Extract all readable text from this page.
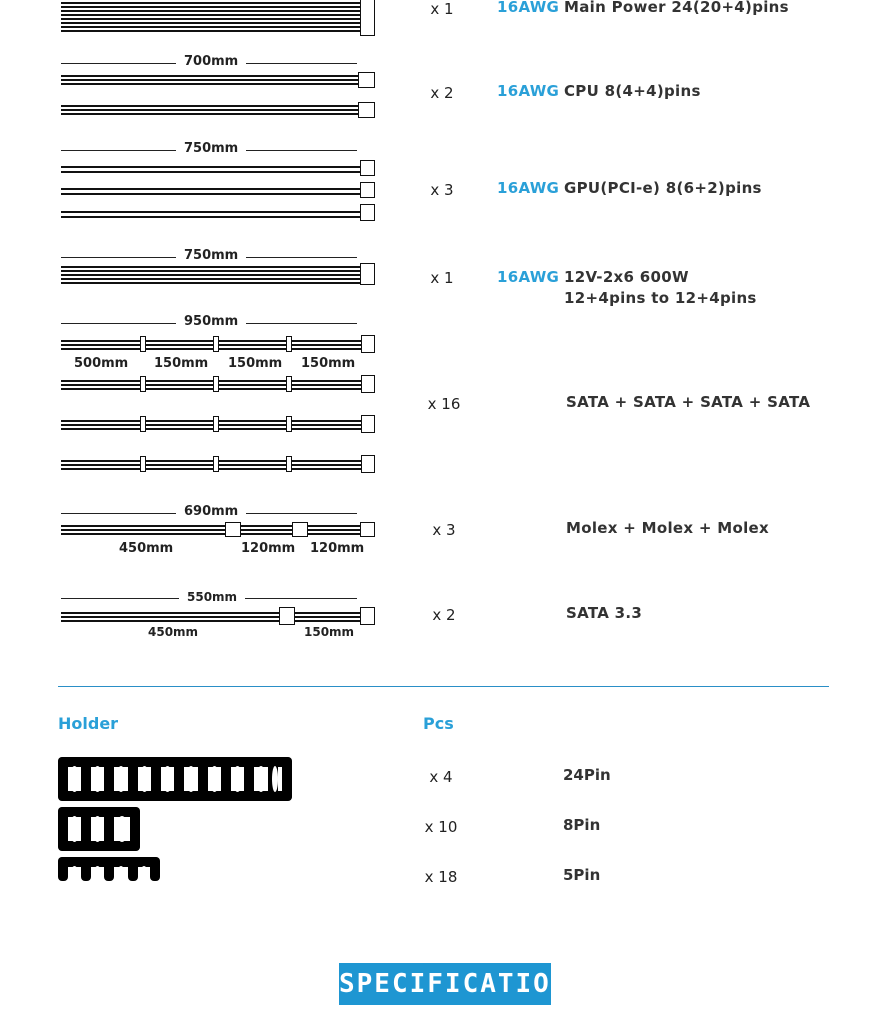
x 1	16AWG Main Power 24(20+4)pins
700mm
x 2	16AWG CPU 8(4+4)pins
750mm
x 3	16AWG GPU(PCI-e) 8(6+2)pins
750mm
x 1	16AWG 12V-2x6 600W
12+4pins to 12+4pins
950mm
500mm 150mm 150mm 150mm
x 16	SATA + SATA + SATA + SATA
690mm
450mm	120mm 120mm
x 3	Molex + Molex + Molex
550mm
450mm	150mm
x 2	SATA 3.3
Holder	Pcs
x 4	24Pin
x 10	8Pin
x 18	5Pin
SPECIFICATION
